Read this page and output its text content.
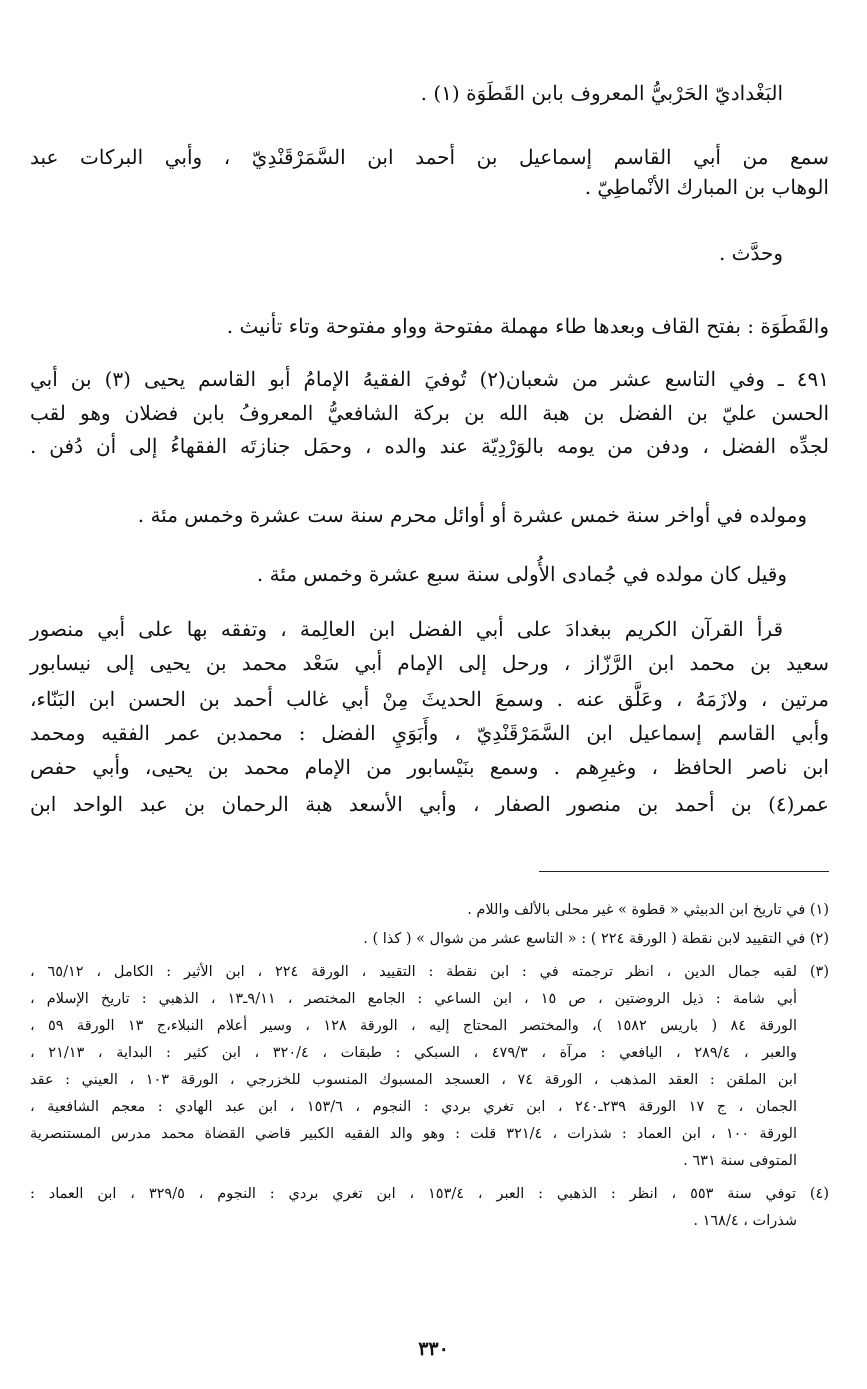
البَغْداديّ الحَرْبيُّ المعروف بابن القَطَوَة (١) .
سمع من أبي القاسم إسماعيل بن أحمد ابن السَّمَرْقَنْدِيّ ، وأبي البركات عبد
الوهاب بن المبارك الأنْماطِيّ .
وحدَّث .
والقَطَوَة : بفتح القاف وبعدها طاء مهملة مفتوحة وواو مفتوحة وتاء تأنيث .
٤٩١ ـ وفي التاسع عشر من شعبان(٢) تُوفيَ الفقيهُ الإمامُ أبو القاسم يحيى (٣) بن أبي
الحسن عليّ بن الفضل بن هبة الله بن بركة الشافعيُّ المعروفُ بابن فضلان وهو لقب
لجدِّه الفضل ، ودفن من يومه بالوَرْدِيّة عند والده ، وحمَل جنازتَه الفقهاءُ إلى أن دُفن .
ومولده في أواخر سنة خمس عشرة أو أوائل محرم سنة ست عشرة وخمس مئة .
وقيل كان مولده في جُمادى الأُولى سنة سبع عشرة وخمس مئة .
قرأ القرآن الكريم ببغدادَ على أبي الفضل ابن العالِمة ، وتفقه بها على أبي منصور
سعيد بن محمد ابن الرَّزّاز ، ورحل إلى الإمام أبي سَعْد محمد بن يحيى إلى نيسابور
مرتين ، ولازَمَهُ ، وعَلَّق عنه . وسمعَ الحديثَ مِنْ أبي غالب أحمد بن الحسن ابن البَنّاء،
وأبي القاسم إسماعيل ابن السَّمَرْقَنْدِيّ ، وأَبَوَيِ الفضل : محمدبن عمر الفقيه ومحمد
ابن ناصر الحافظ ، وغيرِهم . وسمع بنَيْسابور من الإمام محمد بن يحيى، وأبي حفص
عمر(٤) بن أحمد بن منصور الصفار ، وأبي الأسعد هبة الرحمان بن عبد الواحد ابن
(١) في تاريخ ابن الدبيثي « قطوة » غير محلى بالألف واللام .
(٢) في التقييد لابن نقطة ( الورقة ٢٢٤ ) : « التاسع عشر من شوال » ( كذا ) .
(٣) لقبه جمال الدين ، انظر ترجمته في : ابن نقطة : التقييد ، الورقة ٢٢٤ ، ابن الأثير : الكامل ، ٦٥/١٢ ،
أبي شامة : ذيل الروضتين ، ص ١٥ ، ابن الساعي : الجامع المختصر ، ٩/١١ـ١٣ ، الذهبي : تاريخ الإسلام ،
الورقة ٨٤ ( باريس ١٥٨٢ )، والمختصر المحتاج إليه ، الورقة ١٢٨ ، وسير أعلام النبلاء،ج ١٣ الورقة ٥٩ ،
والعبر ، ٢٨٩/٤ ، اليافعي : مرآة ، ٤٧٩/٣ ، السبكي : طبقات ، ٣٢٠/٤ ، ابن كثير : البداية ، ٢١/١٣ ،
ابن الملقن : العقد المذهب ، الورقة ٧٤ ، العسجد المسبوك المنسوب للخزرجي ، الورقة ١٠٣ ، العيني : عقد
الجمان ، ج ١٧ الورقة ٢٣٩ـ٢٤٠ ، ابن تغري بردي : النجوم ، ١٥٣/٦ ، ابن عبد الهادي : معجم الشافعية ،
الورقة ١٠٠ ، ابن العماد : شذرات ، ٣٢١/٤ قلت : وهو والد الفقيه الكبير قاضي القضاة محمد مدرس المستنصرية
المتوفى سنة ٦٣١ .
(٤) توفي سنة ٥٥٣ ، انظر : الذهبي : العبر ، ١٥٣/٤ ، ابن تغري بردي : النجوم ، ٣٢٩/٥ ، ابن العماد :
شذرات ، ١٦٨/٤ .
٣٣٠
